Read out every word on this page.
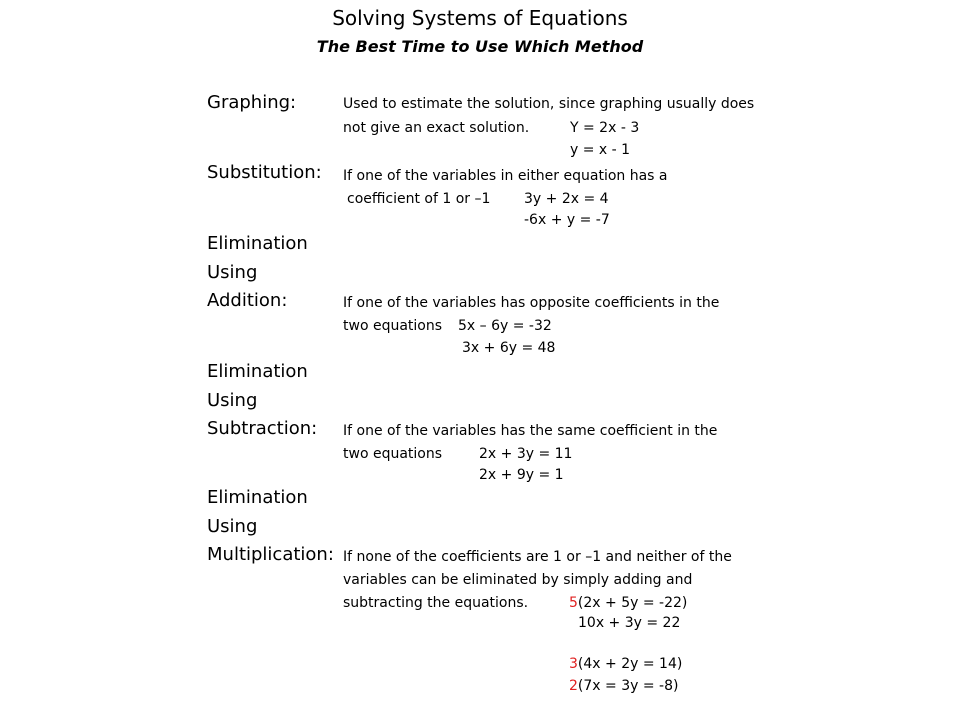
Solving Systems of Equations
The Best Time to Use Which Method
Graphing:	Used to estimate the solution, since graphing usually does
not give an exact solution.	Y = 2x - 3
y = x - 1
Substitution: If one of the variables in either equation has a
coefficient of 1 or –1 3y + 2x = 4
-6x + y = -7
Elimination
Using
Addition:	If one of the variables has opposite coefficients in the
two equations 5x – 6y = -32
3x + 6y = 48
Elimination
Using
Subtraction: If one of the variables has the same coefficient in the
two equations	2x + 3y = 11
2x + 9y = 1
Elimination
Using
Multiplication: If none of the coefficients are 1 or –1 and neither of the
variables can be eliminated by simply adding and
subtracting the equations.	5(2x + 5y = -22)
10x + 3y = 22
3(4x + 2y = 14)
2(7x = 3y = -8)
